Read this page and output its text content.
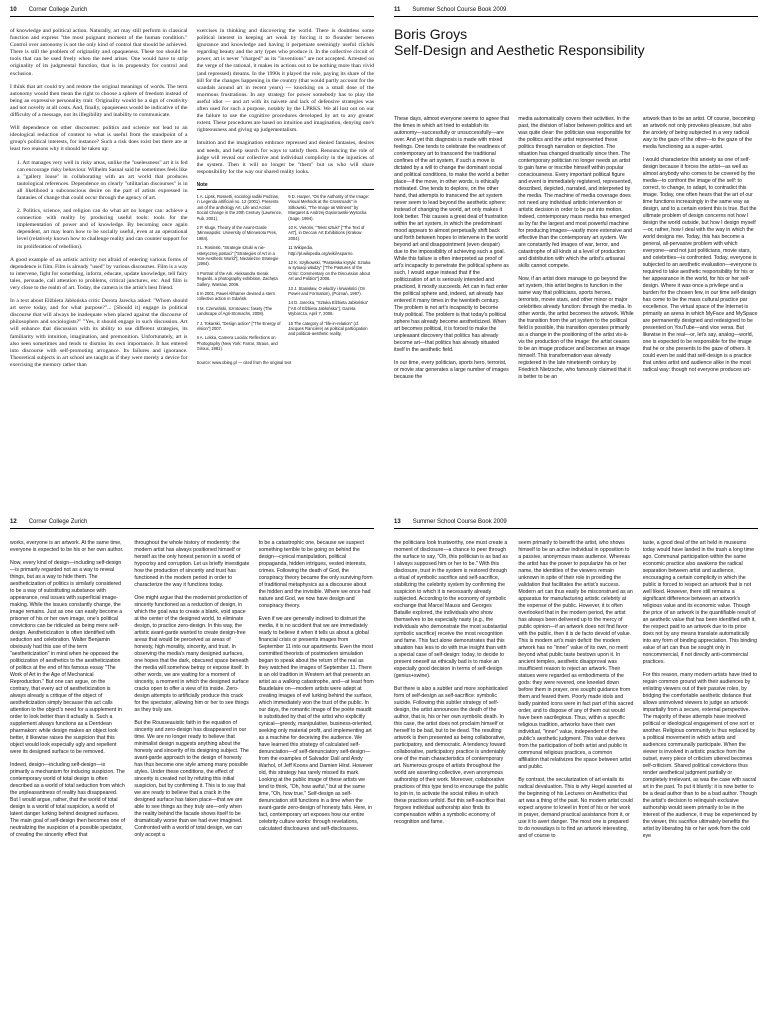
10 Corner College Zurich

of knowledge and political action. Naturally, art may still perform in classical function and express "the most poignant moment of the human condition." Control over autonomy is not the only kind of control that should be achieved. There is still the problem of originality and opaqueness. These too should be tools that can be used freely when the need arises. One would have to strip originality of its judgmental function, that is its propensity for control and exclusion.

I think that art could try and restore the original meanings of words. The term autonomy would then mean the right to choose a sphere of freedom instead of being an expressive personality trait. Originality would be a sign of creativity and not novelty at all costs. And, finally, opaqueness would be indicative of the difficulty of a message, not its illegibility and inability to communicate.

Will dependence on other discourses: politics and science not lead to an ideological reduction of content to what is useful from the standpoint of a group's political interests, for instance? Such a risk does exist but there are at least two reasons why it should be taken up:

1. Art manages very well in risky areas, unlike the "uselessness" art it is fed can encourage risky behaviour. Wilhelm Sasnal said he sometimes feels like a "gallery louse" in collaborating with an art world that produces tautological references. Dependence on clearly "utilitarian discourses" is in all likelihood a subconscious desire on the part of artists expressed in fantasies of change that could occur through the agency of art.

2. Politics, science, and religion can do what art no longer can: achieve a connection with reality by producing useful tools: tools for the implementation of power and of knowledge. By becoming once again dependent, art may learn how to be socially useful, even at an operational level (relatively known how to challenge reality and can counter support for its proliferation of rebellion).

A good example of an artistic activity not afraid of entering various forms of dependence is film. Film is already "used" by various discourses. Film is a way to intervene, fight for something, inform, educate, update knowledge, tell fairy tales, persuade, call attention to problems, critical junctures, etc. And film is very close to the realm of art. Today, the camera is the artist's best friend.

In a text about Elżbieta Jabłońska critic Dorota Jarecka asked: "Whom should art serve today, and for what purpose?"... [Should it] engage in political discourse that will always be inadequate when placed against the discourse of philosophers and sociologists?" "Yes, it should engage in such discussion. Art will enhance that discussion with its ability to use different strategies, its familiarity with intuition, imagination, and premonition. Unfortunately, art is also seen sometimes and tends to dismiss its own importance. It has entered into discourse with self-promoting arrogance. Its failures and ignorance. Theoretical subjects in art school are taught as if they were merely a device for exercising the memory rather than

exercises in thinking and discovering the world. There is doubtless some political interest in keeping art weak by forcing it to flounder between ignorance and knowledge and having it perpetuate seemingly useful clichés regarding beauty and the arty types who produce it. In the collective circuit of power, art is never "charged" as its "inventions" are not accepted. Arrested on the verge of the rational, it makes its actions out to be nothing more than vivid (and repressed) dreams. In the 1990s it played the role, paying its share of the bill for the changes happening in the country (that would partly account for the scandals around art in recent years) — knocking on a small dose of the enormous frustrations. In any strategy for power somebody has to play the useful idiot — and art with its naivete and lack of defensive strategies was often used for such a purpose, notably by the LPRKS. We all lost out on our the failure to use the cognitive procedures developed by art to any greater extent. These procedures are based on intuition and imagination, denying one's righteousness and giving up judgementalism.

Intuition and the imagination embrace repressed and denied fantasies, desires and needs, and help search for ways to satisfy them. Renouncing the role of judge will reveal our collective and individual complicity in the injustices of the system. Then it will no longer be "them" but us who will share responsibility for the way our shared reality looks.

Note

1 A. Lipsk, Rossetti, sociologi radiki Podzias, in Legenda artificiali no. 12 (2001). Presents unit of the anthology Art, Life and Action: Social Change in the 20th Century (Lawrence, Pub. 2001).

2 P. Kluge, Theory of the Avant-Garde (Minneapolis: University of Minnesota Pres, 1984).

3 L. Rosinski, "Strategie sztuki w nie-estetycznej postaci" ["Strategies of Art in a Non-Aesthetic World"], Niezależne Strategie (1984).

4 Portrait of the Ark. Aleksandra Sierak Regards, a photography exhibition, Zachęta Gallery, Warsaw, 2006.

5 In 2001, Paweł Althamer devised a stern collective action in Gdańsk.

6 M. Czerwiński, Szrotowiec: fasety (The Landscape of Agri-Stomachs, 2008).

7 J. Tokarski, "Design action" ["The Energy of Vision"] 2007.

8 A. Lekka, Camera Lucida: Reflections on Photography (New York: Farrar, Straus, and Giroux, 1981).

9 D. Harper, "On the Authority of the Image: Visual Methods at the Crossroads" in Sitkowski, "The Image as Witness" by Margaret & Andrzej Gąsiorowski-Wysocka (Sage, 1994).

10 K. Vietoris, "Tekst sztuki" ["The Text of Art"], in Deccan Art Exhibitions (Krakow 2004).

11 Wikipedia, http://pl.wikipedia.org/wiki/Asparno.

12 K. Szyłkowski, "Pastwiska krytyki: Sztuka w sytuacji władzy" ["The Pastures of the Critic: Commentary on the Discussion about Art and Politics"] 2006.

13 J. Stanisław, O włodzy i krwiałości (On Power and Formation), (Poznań, 1997).

14 D. Jarecka, "Sztuka Elżbieta Jabłońska" ["Art of Elżbieta Jabłońska"], Gazeta Wyborcza, April 7, 2006.

15 The category of "life-in-relation" (cf. Jacques Rancière) as political participation and political-aesthetic reality.

Source: www.obieg.pl — cited from the original text
11 Summer School Course Book 2009
Boris Groys
Self-Design and Aesthetic Responsibility

These days, almost everyone seems to agree that the times in which art tried to establish its autonomy—successfully or unsuccessfully—are over. And yet this diagnosis is made with mixed feelings. One tends to celebrate the readiness of contemporary art to transcend the traditional confines of the art system, if such a move is dictated by a will to change the dominant social and political conditions, to make the world a better place—if the move, in other words, is ethically motivated. One tends to deplore, on the other hand, that attempts to transcend the art system never seem to lead beyond the aesthetic sphere: instead of changing the world, art only makes it look better. This causes a great deal of frustration within the art system, in which the predominant mood appears to almost perpetually shift back and forth between hopes to intervene in the world beyond art and disappointment (even despair) due to the impossibility of achieving such a goal. While this failure is often interpreted as proof of art's incapacity to penetrate the political sphere as such, I would argue instead that if the politicization of art is seriously intended and practiced, it mostly succeeds. Art can in fact enter the political sphere and, indeed, art already has entered it many times in the twentieth century. The problem is not art's incapacity to become truly political. The problem is that today's political sphere has already become aestheticized. When art becomes political, it is forced to make the unpleasant discovery that politics has already become art—that politics has already situated itself in the aesthetic field.

In our time, every politician, sports hero, terrorist, or movie star generates a large number of images because the

media automatically covers their activities. In the past, the division of labor between politics and art was quite clear: the politician was responsible for the politics and the artist represented these politics through narration or depiction. The situation has changed drastically since then. The contemporary politician no longer needs an artist to gain fame or inscribe himself within popular consciousness. Every important political figure and event is immediately registered, represented, described, depicted, narrated, and interpreted by the media. The machine of media coverage does not need any individual artistic intervention or artistic decision in order to be put into motion. Indeed, contemporary mass media has emerged as by far the largest and most powerful machine for producing images—vastly more extensive and effective than the contemporary art system. We are constantly fed images of war, terror, and catastrophe of all kinds at a level of production and distribution with which the artist's artisanal skills cannot compete.

Now, if an artist does manage to go beyond the art system, this artist begins to function in the same way that politicians, sports heroes, terrorists, movie stars, and other minor or major celebrities already function: through the media. In other words, the artist becomes the artwork. While the transition from the art system to the political field is possible, this transition operates primarily as a change in the positioning of the artist vis-à-vis the production of the image: the artist ceases to be an image producer and becomes an image himself. This transformation was already registered in the late nineteenth century by Friedrich Nietzsche, who famously claimed that it is better to be an

artwork than to be an artist. Of course, becoming an artwork not only provokes pleasure, but also the anxiety of being subjected in a very radical way to the gaze of the other—to the gaze of the media functioning as a super-artist.

I would characterize this anxiety as one of self-design because it forces the artist—as well as almost anybody who comes to be covered by the media—to confront the image of the self: to correct, to change, to adapt, to contradict this image. Today, one often hears that the art of our time functions increasingly in the same way as design, and to a certain extent this is true. But the ultimate problem of design concerns not how I design the world outside, but how I design myself—or, rather, how I deal with the way in which the world designs me. Today, this has become a general, all-pervasive problem with which everyone—and not just politicians, movie stars, and celebrities—is confronted. Today, everyone is subjected to an aesthetic evaluation—everyone is required to take aesthetic responsibility for his or her appearance in the world, for his or her self-design. Where it was once a privilege and a burden for the chosen few, in our time self-design has come to be the mass cultural practice par excellence. The virtual space of the Internet is primarily an arena in which MyFace and MySpace are permanently designed and redesigned to be presented on YouTube—and vice versa. But likewise in the real—or, let's say, analog—world, one is expected to be responsible for the image that he or she presents to the gaze of others. It could even be said that self-design is a practice that unites artist and audience alike in the most radical way: though not everyone produces art-

12 Corner College Zurich

works, everyone is an artwork. At the same time, everyone is expected to be his or her own author.

Now, every kind of design—including self-design—is primarily regarded not as a way to reveal things, but as a way to hide them. The aestheticization of politics is similarly considered to be a way of substituting substance with appearance, real issues with superficial image-making. While the issues constantly change, the image remains. Just as one can easily become a prisoner of his or her own image, one's political convictions can be ridiculed as being mere self-design. Aestheticization is often identified with seduction and celebration. Walter Benjamin obviously had this use of the term "aestheticization" in mind when he opposed the politicization of aesthetics to the aestheticization of politics at the end of his famous essay "The Work of Art in the Age of Mechanical Reproduction." But one can argue, on the contrary, that every act of aestheticization is always already a critique of the object of aestheticization simply because this act calls attention to the object's need for a supplement in order to look better than it actually is. Such a supplement always functions as a Derridean pharmakon: while design makes an object look better, it likewise raises the suspicion that this object would look especially ugly and repellent were its designed surface to be removed.

Indeed, design—including self-design—is primarily a mechanism for inducing suspicion. The contemporary world of total design is often described as a world of total seduction from which the unpleasantness of reality has disappeared. But I would argue, rather, that the world of total design is a world of total suspicion, a world of latent danger lurking behind designed surfaces. The main goal of self-design then becomes one of neutralizing the suspicion of a possible spectator, of creating the sincerity effect that

throughout the whole history of modernity: the modern artist has always positioned himself or herself as the only honest person in a world of hypocrisy and corruption. Let us briefly investigate how the production of sincerity and trust has functioned in the modern period in order to characterize the way it functions today.

One might argue that the modernist production of sincerity functioned as a reduction of design, in which the goal was to create a blank, void space at the center of the designed world, to eliminate design, to practice zero-design. In this way, the artistic avant-garde wanted to create design-free areas that would be perceived as areas of honesty, high morality, sincerity, and trust. In observing the media's many designed surfaces, one hopes that the dark, obscured space beneath the media will somehow betray or expose itself. In other words, we are waiting for a moment of sincerity, a moment in which the designed surface cracks open to offer a view of its inside. Zero-design attempts to artificially produce this crack for the spectator, allowing him or her to see things as they truly are.

But the Rousseauistic faith in the equation of sincerity and zero-design has disappeared in our time. We are no longer ready to believe that minimalist design suggests anything about the honesty and sincerity of its designing subject. The avant-garde approach to the design of honesty has thus become one style among many possible styles. Under these conditions, the effect of sincerity is created not by refuting this initial suspicion, but by confirming it. This is to say that we are ready to believe that a crack in the designed surface has taken place—that we are able to see things as they truly are—only when the reality behind the facade shows itself to be dramatically worse than we had ever imagined. Confronted with a world of total design, we can only accept a

to be a catastrophic one, because we suspect something terrible to be going on behind the design—cynical manipulation, political propaganda, hidden intrigues, vested interests, crimes. Following the death of God, the conspiracy theory became the only surviving form of traditional metaphysics as a discourse about the hidden and the invisible. Where we once had nature and God, we now have design and conspiracy theory.

Even if we are generally inclined to distrust the media, it is no accident that we are immediately ready to believe it when it tells us about a global financial crisis or presents images from September 11 into our apartments. Even the most committed theorists of postmodern simulation began to speak about the return of the real as they watched the images of September 11. There is an old tradition in Western art that presents an artist as a walking catastrophe, and—at least from Baudelaire on—modern artists were adept at creating images of evil lurking behind the surface, which immediately won the trust of the public. In our days, the romantic image of the poète maudit is substituted by that of the artist who explicitly cynical—greedy, manipulative, business-oriented, seeking only material profit, and implementing art as a machine for deceiving the audience. We have learned this strategy of calculated self-denunciation—of self-denunciatory self-design—from the examples of Salvador Dalí and Andy Warhol, of Jeff Koons and Damien Hirst. However old, this strategy has rarely missed its mark. Looking at the public image of these artists we tend to think, "Oh, how awful," but at the same time, "Oh, how true." Self-design as self-denunciation still functions in a time when the avant-garde zero-design of honesty fails. Here, in fact, contemporary art exposes how our entire celebrity culture works: through revelations, calculated disclosures and self-disclosures.

13 Summer School Course Book 2009

the politicians look trustworthy, one must create a moment of disclosure—a chance to peer through the surface to say, "Oh, this politician is as bad as I always supposed him or her to be." With this disclosure, trust in the system is restored through a ritual of symbolic sacrifice and self-sacrifice, stabilizing the celebrity system by confirming the suspicion to which it is necessarily already subjected. According to the economy of symbolic exchange that Marcel Mauss and Georges Bataille explored, the individuals who show themselves to be especially nasty (e.g., the individuals who demonstrate the most substantial symbolic sacrifice) receive the most recognition and fame. This fact alone demonstrates that this situation has less to do with true insight than with a special case of self-design: today, to decide to present oneself as ethically bad is to make an especially good decision in terms of self-design (genius+swine).

But there is also a subtler and more sophisticated form of self-design as self-sacrifice: symbolic suicide. Following this subtler strategy of self-design, the artist announces the death of the author, that is, his or her own symbolic death. In this case, the artist does not proclaim himself or herself to be bad, but to be dead. The resulting artwork is then presented as being collaborative, participatory, and democratic. A tendency toward collaborative, participatory practice is undeniably one of the main characteristics of contemporary art. Numerous groups of artists throughout the world are asserting collective, even anonymous authorship of their work. Moreover, collaborative practices of this type tend to encourage the public to join in, to activate the social milieu in which these practices unfold. But this self-sacrifice that forgoes individual authorship also finds its compensation within a symbolic economy of recognition and fame.

seem primarily to benefit the artist, who shows himself to be an active individual in opposition to a passive, anonymous mass audience. Whereas the artist has the power to popularize his or her name, the identities of the viewers remain unknown in spite of their role in providing the validation that facilitates the artist's success. Modern art can thus easily be misconstrued as an apparatus for manufacturing artistic celebrity at the expense of the public. However, it is often overlooked that in the modern period, the artist has always been delivered up to the mercy of public opinion—if an artwork does not find favor with the public, then it is de facto devoid of value. This is modern art's main deficit: the modern artwork has no "inner" value of its own, no merit beyond what public taste bestows upon it. In ancient temples, aesthetic disapproval was insufficient reason to reject an artwork. Their statues were regarded as embodiments of the gods: they were revered, one kneeled down before them in prayer, one sought guidance from them and feared them. Poorly made idols and badly painted icons were in fact part of this sacred order, and to dispose of any of them out would have been sacrilegious. Thus, within a specific religious tradition, artworks have their own individual, "inner" value, independent of the public's aesthetic judgment. This value derives from the participation of both artist and public in communal religious practices, a common affiliation that relativizes the space between artist and public.

By contrast, the secularization of art entails its radical devaluation. This is why Hegel asserted at the beginning of his Lectures on Aesthetics that art was a thing of the past. No modern artist could expect anyone to kneel in front of his or her work in prayer, demand practical assistance from it, or use it to avert danger. The most one is prepared to do nowadays is to find an artwork interesting, and of course to

taste, a good deal of the art held in museums today would have landed in the trash a long time ago. Communal participation within the same economic practice also awakens the radical separation between artist and audience, encouraging a certain complicity in which the public is forced to respect an artwork that is not well liked. However, there still remains a significant difference between an artwork's religious value and its economic value. Though the price of an artwork is the quantifiable result of an aesthetic value that has been identified with it, the respect paid to an artwork due to its price does not by any means translate automatically into any form of binding appreciation. This binding value of art can thus be sought only in noncommercial, if not directly anti-commercial practices.

For this reason, many modern artists have tried to regain common ground with their audiences by enlisting viewers out of their passive roles, by bridging the comfortable aesthetic distance that allows uninvolved viewers to judge an artwork impartially from a secure, external perspective. The majority of these attempts have involved political or ideological engagement of one sort or another. Religious community is thus replaced by a political movement in which artists and audiences communally participate. When the viewer is involved in artistic practice from the outset, every piece of criticism uttered becomes self-criticism. Shared political convictions thus render aesthetical judgment partially or completely irrelevant, as was the case with sacral art in the past. To put it bluntly: it is now better to be a dead author than to be a bad author. Though the artist's decision to relinquish exclusive authorship would seem primarily to be in the interest of the audience, it may be experienced by the viewer, this sacrifice ultimately benefits the artist by liberating his or her work from the cold eye
